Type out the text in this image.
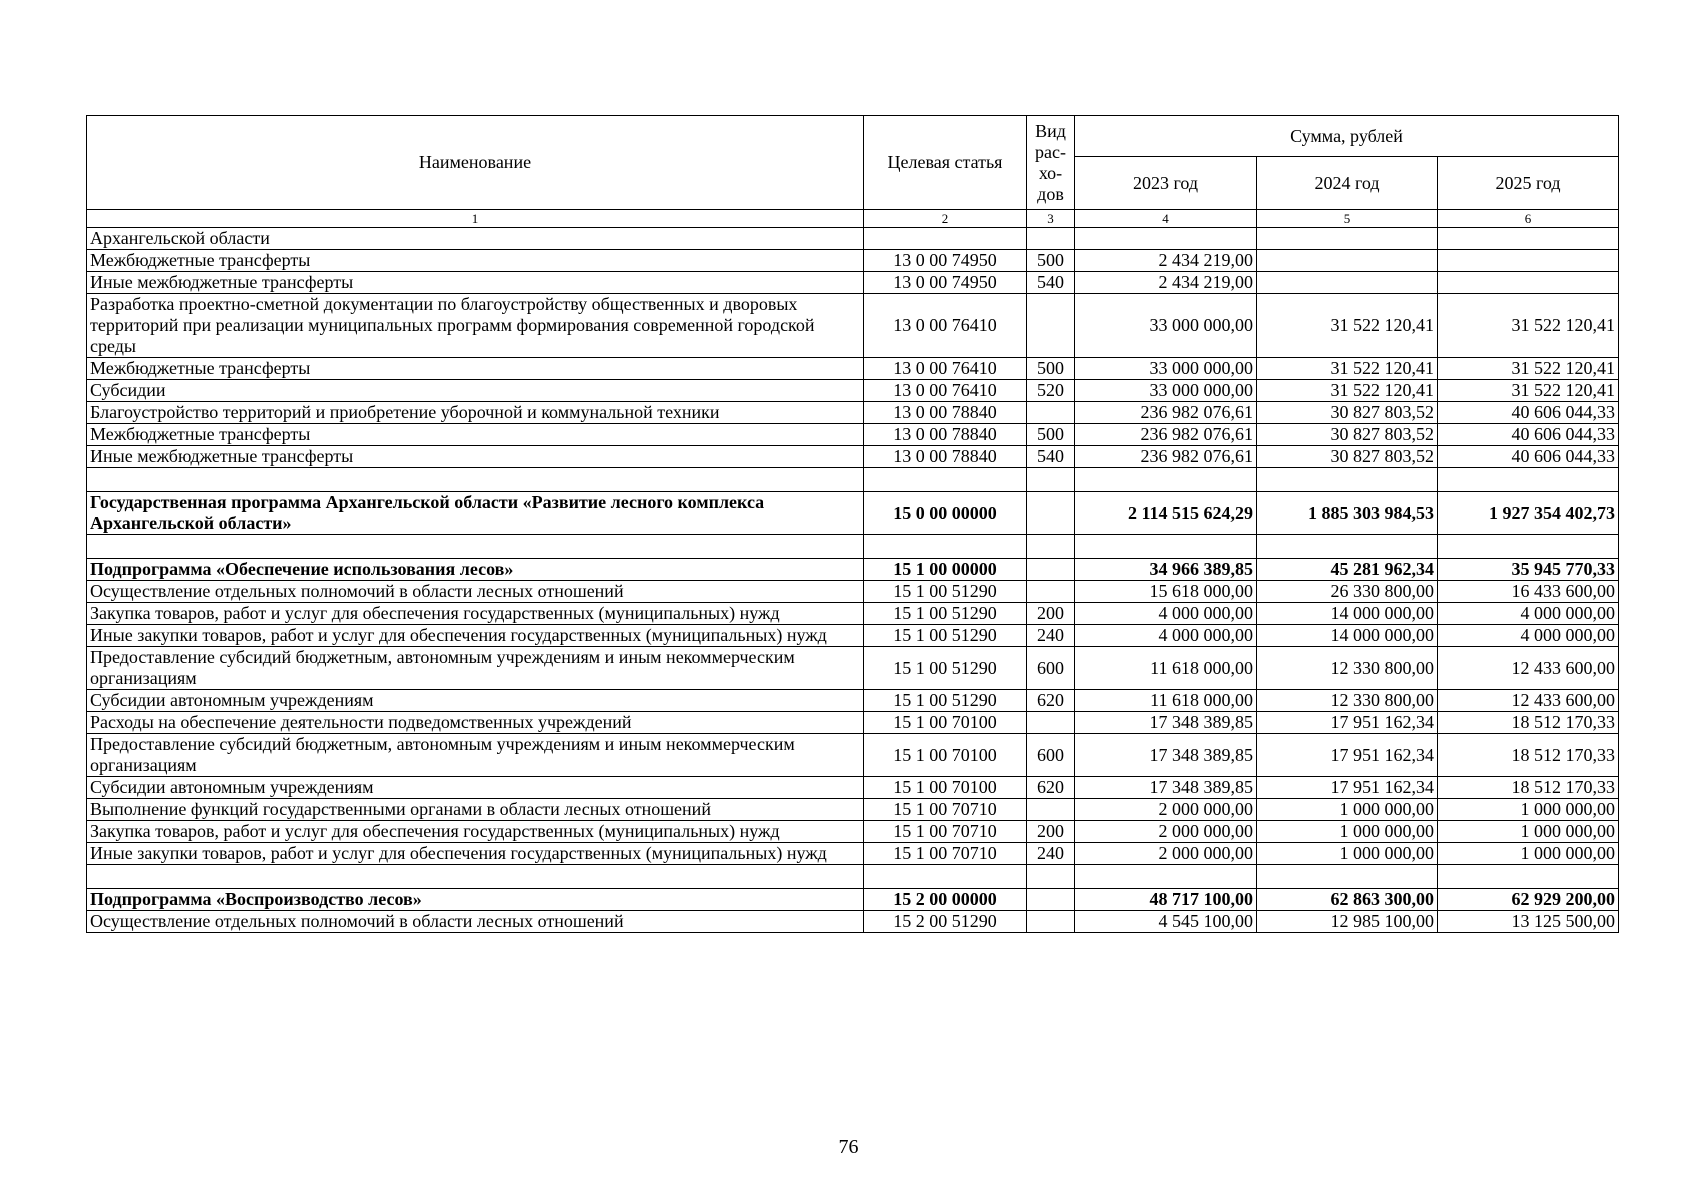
Наименование	Целевая статья	Вид рас- хо- дов	Сумма, рублей		
			2023 год	2024 год	2025 год
1	2	3	4	5	6
Архангельской области					
Межбюджетные трансферты	13 0 00 74950	500	2 434 219,00		
Иные межбюджетные трансферты	13 0 00 74950	540	2 434 219,00		
Разработка проектно-сметной документации по благоустройству общественных и дворовых территорий при реализации муниципальных программ формирования современной городской среды	13 0 00 76410		33 000 000,00	31 522 120,41	31 522 120,41
Межбюджетные трансферты	13 0 00 76410	500	33 000 000,00	31 522 120,41	31 522 120,41
Субсидии	13 0 00 76410	520	33 000 000,00	31 522 120,41	31 522 120,41
Благоустройство территорий и приобретение уборочной и коммунальной техники	13 0 00 78840		236 982 076,61	30 827 803,52	40 606 044,33
Межбюджетные трансферты	13 0 00 78840	500	236 982 076,61	30 827 803,52	40 606 044,33
Иные межбюджетные трансферты	13 0 00 78840	540	236 982 076,61	30 827 803,52	40 606 044,33

Государственная программа Архангельской области «Развитие лесного комплекса Архангельской области»	15 0 00 00000		2 114 515 624,29	1 885 303 984,53	1 927 354 402,73

Подпрограмма «Обеспечение использования лесов»	15 1 00 00000		34 966 389,85	45 281 962,34	35 945 770,33
Осуществление отдельных полномочий в области лесных отношений	15 1 00 51290		15 618 000,00	26 330 800,00	16 433 600,00
Закупка товаров, работ и услуг для обеспечения государственных (муниципальных) нужд	15 1 00 51290	200	4 000 000,00	14 000 000,00	4 000 000,00
Иные закупки товаров, работ и услуг для обеспечения государственных (муниципальных) нужд	15 1 00 51290	240	4 000 000,00	14 000 000,00	4 000 000,00
Предоставление субсидий бюджетным, автономным учреждениям и иным некоммерческим организациям	15 1 00 51290	600	11 618 000,00	12 330 800,00	12 433 600,00
Субсидии автономным учреждениям	15 1 00 51290	620	11 618 000,00	12 330 800,00	12 433 600,00
Расходы на обеспечение деятельности подведомственных учреждений	15 1 00 70100		17 348 389,85	17 951 162,34	18 512 170,33
Предоставление субсидий бюджетным, автономным учреждениям и иным некоммерческим организациям	15 1 00 70100	600	17 348 389,85	17 951 162,34	18 512 170,33
Субсидии автономным учреждениям	15 1 00 70100	620	17 348 389,85	17 951 162,34	18 512 170,33
Выполнение функций государственными органами в области лесных отношений	15 1 00 70710		2 000 000,00	1 000 000,00	1 000 000,00
Закупка товаров, работ и услуг для обеспечения государственных (муниципальных) нужд	15 1 00 70710	200	2 000 000,00	1 000 000,00	1 000 000,00
Иные закупки товаров, работ и услуг для обеспечения государственных (муниципальных) нужд	15 1 00 70710	240	2 000 000,00	1 000 000,00	1 000 000,00

Подпрограмма «Воспроизводство лесов»	15 2 00 00000		48 717 100,00	62 863 300,00	62 929 200,00
Осуществление отдельных полномочий в области лесных отношений	15 2 00 51290		4 545 100,00	12 985 100,00	13 125 500,00
76
